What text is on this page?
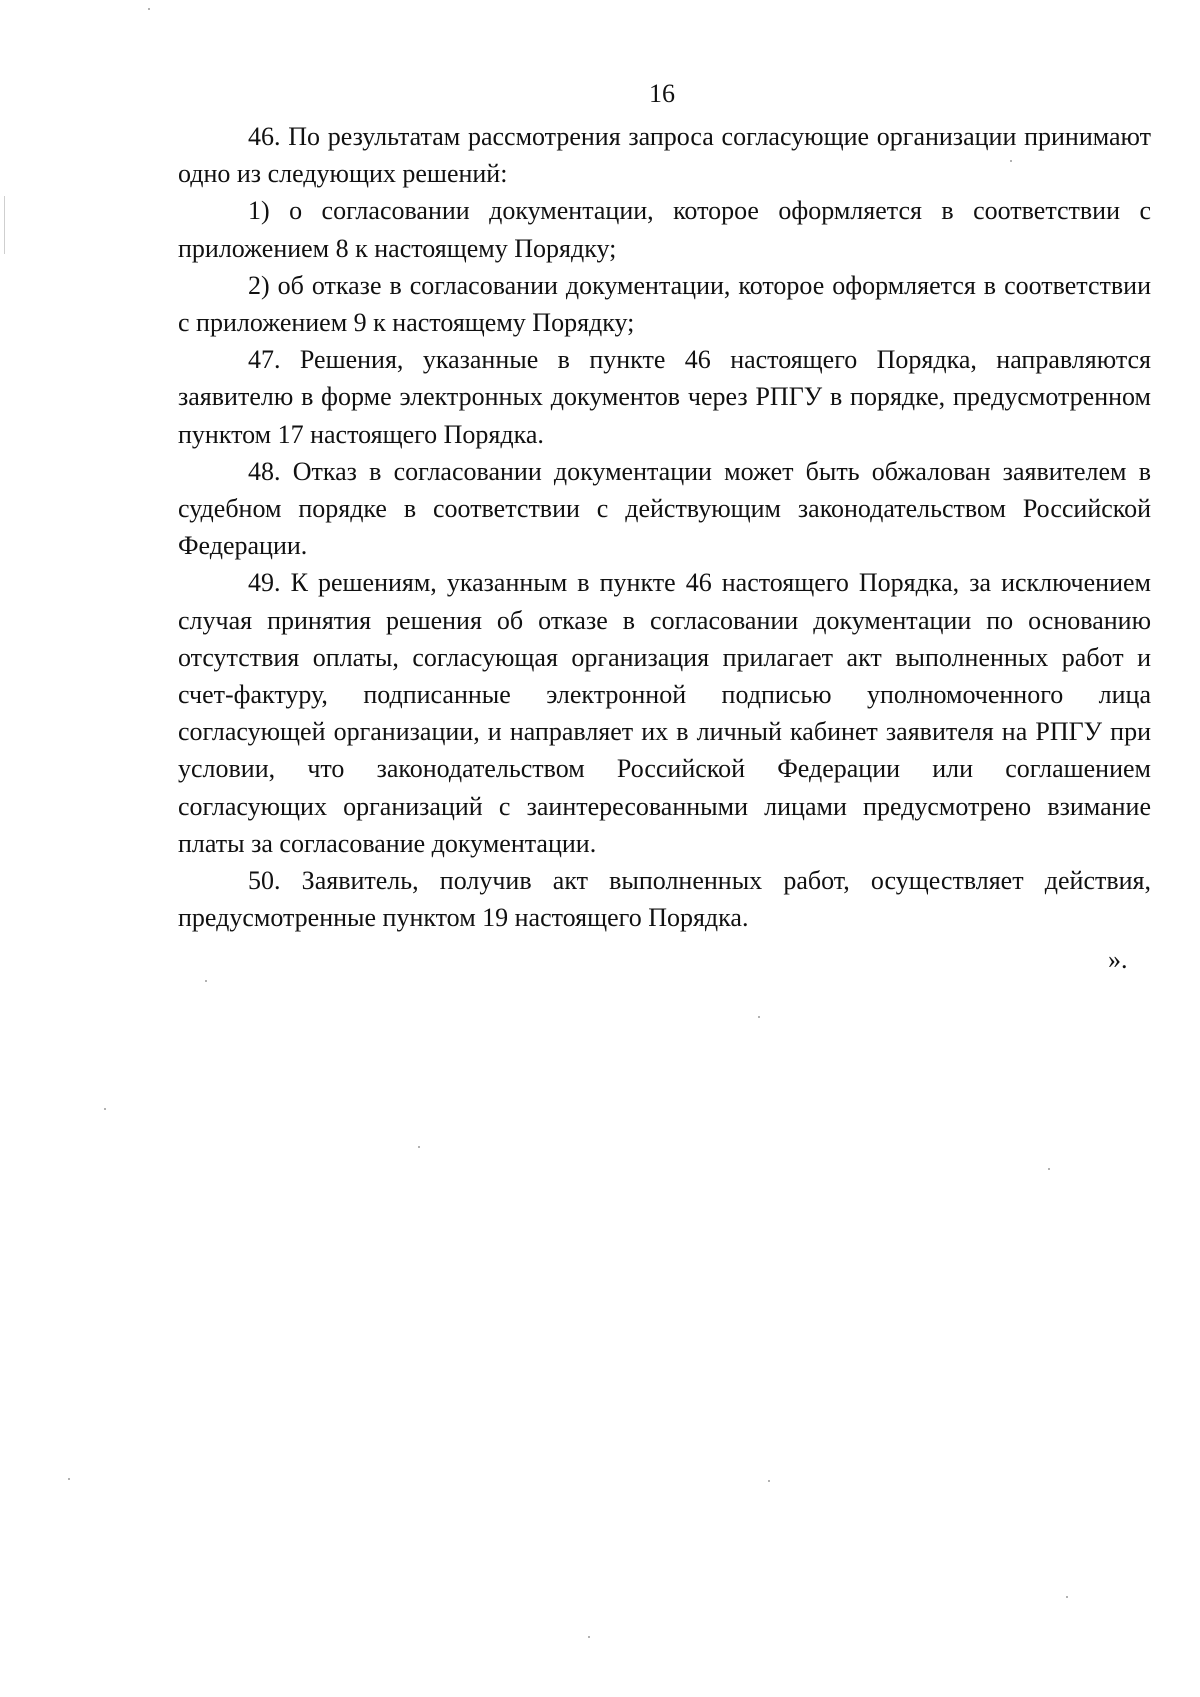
16

46. По результатам рассмотрения запроса согласующие организации принимают одно из следующих решений:

1) о согласовании документации, которое оформляется в соответствии с приложением 8 к настоящему Порядку;

2) об отказе в согласовании документации, которое оформляется в соответствии с приложением 9 к настоящему Порядку;

47. Решения, указанные в пункте 46 настоящего Порядка, направляются заявителю в форме электронных документов через РПГУ в порядке, предусмотренном пунктом 17 настоящего Порядка.

48. Отказ в согласовании документации может быть обжалован заявителем в судебном порядке в соответствии с действующим законодательством Российской Федерации.

49. К решениям, указанным в пункте 46 настоящего Порядка, за исключением случая принятия решения об отказе в согласовании документации по основанию отсутствия оплаты, согласующая организация прилагает акт выполненных работ и счет-фактуру, подписанные электронной подписью уполномоченного лица согласующей организации, и направляет их в личный кабинет заявителя на РПГУ при условии, что законодательством Российской Федерации или соглашением согласующих организаций с заинтересованными лицами предусмотрено взимание платы за согласование документации.

50. Заявитель, получив акт выполненных работ, осуществляет действия, предусмотренные пунктом 19 настоящего Порядка.

».
